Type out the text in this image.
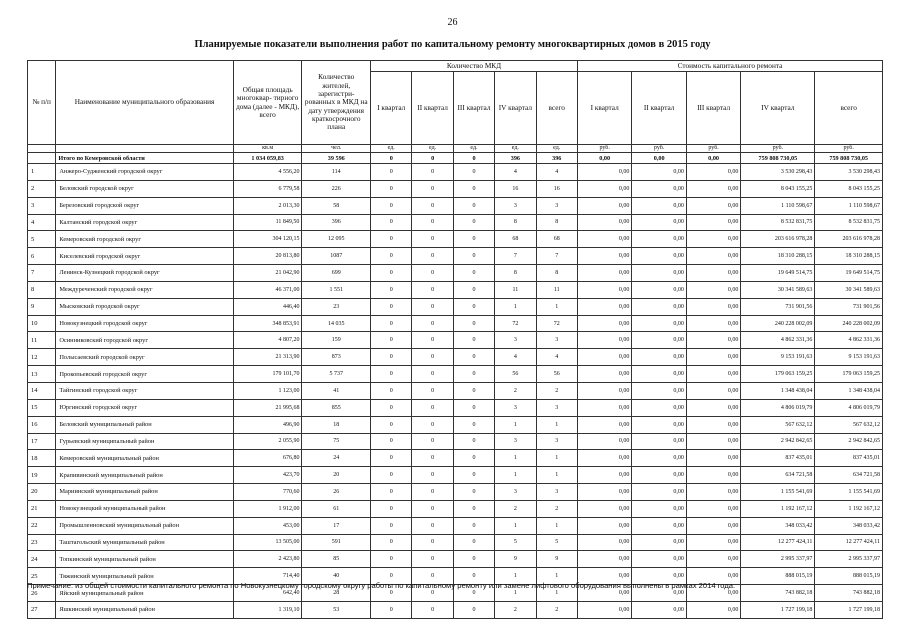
26
Планируемые показатели выполнения работ по капитальному ремонту многоквартирных домов в 2015 году
№ п/п	Наименование муниципального образования	Общая площадь многоквар- тирного дома (далее - МКД), всего	Количество жителей, зарегистри- рованных в МКД на дату утверждения краткосрочного плана	Количество МКД					Стоимость капитального ремонта				
				I квартал	II квартал	III квартал	IV квартал	всего	I квартал	II квартал	III квартал	IV квартал	всего
		кв.м	чел.	ед.	ед.	ед.	ед.	ед.	руб.	руб.	руб.	руб.	руб.
	Итого по Кемеровской области	1 034 059,83	39 596	0	0	0	396	396	0,00	0,00	0,00	759 808 730,05	759 808 730,05
1	Анжеро-Судженский городской округ	4 556,20	114	0	0	0	4	4	0,00	0,00	0,00	3 530 298,43	3 530 298,43
2	Беловский городской округ	6 779,58	226	0	0	0	16	16	0,00	0,00	0,00	8 043 155,25	8 043 155,25
3	Березовский городской округ	2 013,30	58	0	0	0	3	3	0,00	0,00	0,00	1 110 598,67	1 110 598,67
4	Калтанский городской округ	11 849,50	396	0	0	0	8	8	0,00	0,00	0,00	8 532 831,75	8 532 831,75
5	Кемеровский городской округ	304 120,15	12 095	0	0	0	68	68	0,00	0,00	0,00	203 616 978,28	203 616 978,28
6	Киселевский городской округ	20 813,80	1087	0	0	0	7	7	0,00	0,00	0,00	18 310 288,15	18 310 288,15
7	Ленинск-Кузнецкий городской округ	21 042,90	699	0	0	0	8	8	0,00	0,00	0,00	19 649 514,75	19 649 514,75
8	Междуреченский городской округ	46 371,00	1 551	0	0	0	11	11	0,00	0,00	0,00	30 341 589,63	30 341 589,63
9	Мысковский городской округ	446,40	23	0	0	0	1	1	0,00	0,00	0,00	731 901,56	731 901,56
10	Новокузнецкий городской округ	348 853,91	14 035	0	0	0	72	72	0,00	0,00	0,00	240 228 002,09	240 228 002,09
11	Осинниковский городской округ	4 807,20	159	0	0	0	3	3	0,00	0,00	0,00	4 862 331,36	4 862 331,36
12	Полысаевский городской округ	21 313,90	873	0	0	0	4	4	0,00	0,00	0,00	9 153 191,63	9 153 191,63
13	Прокопьевский городской округ	179 101,70	5 737	0	0	0	56	56	0,00	0,00	0,00	179 063 159,25	179 063 159,25
14	Тайгинский городской округ	1 123,00	41	0	0	0	2	2	0,00	0,00	0,00	1 348 438,04	1 348 438,04
15	Юргинский городской округ	21 995,68	855	0	0	0	3	3	0,00	0,00	0,00	4 806 019,79	4 806 019,79
16	Беловский муниципальный район	496,90	18	0	0	0	1	1	0,00	0,00	0,00	567 632,12	567 632,12
17	Гурьевский муниципальный район	2 055,90	75	0	0	0	3	3	0,00	0,00	0,00	2 942 842,65	2 942 842,65
18	Кемеровский муниципальный район	676,80	24	0	0	0	1	1	0,00	0,00	0,00	837 435,01	837 435,01
19	Крапивинский муниципальный район	423,70	20	0	0	0	1	1	0,00	0,00	0,00	634 721,58	634 721,58
20	Мариинский муниципальный район	770,60	26	0	0	0	3	3	0,00	0,00	0,00	1 155 541,69	1 155 541,69
21	Новокузнецкий муниципальный район	1 912,00	61	0	0	0	2	2	0,00	0,00	0,00	1 192 167,12	1 192 167,12
22	Промышленновский муниципальный район	453,00	17	0	0	0	1	1	0,00	0,00	0,00	348 033,42	348 033,42
23	Таштагольский муниципальный район	13 505,00	591	0	0	0	5	5	0,00	0,00	0,00	12 277 424,11	12 277 424,11
24	Топкинский муниципальный район	2 423,80	85	0	0	0	9	9	0,00	0,00	0,00	2 995 337,97	2 995 337,97
25	Тяжинский муниципальный район	714,40	40	0	0	0	1	1	0,00	0,00	0,00	888 015,19	888 015,19
26	Яйский муниципальный район	642,40	28	0	0	0	1	1	0,00	0,00	0,00	743 882,18	743 882,18
27	Яшкинский муниципальный район	1 319,10	53	0	0	0	2	2	0,00	0,00	0,00	1 727 199,18	1 727 199,18
Примечание: из общей стоимости капитального ремонта по Новокузнецкому городскому округу работы по капитальному ремонту или замене лифтового оборудования выполнены в рамках 2014 года.
